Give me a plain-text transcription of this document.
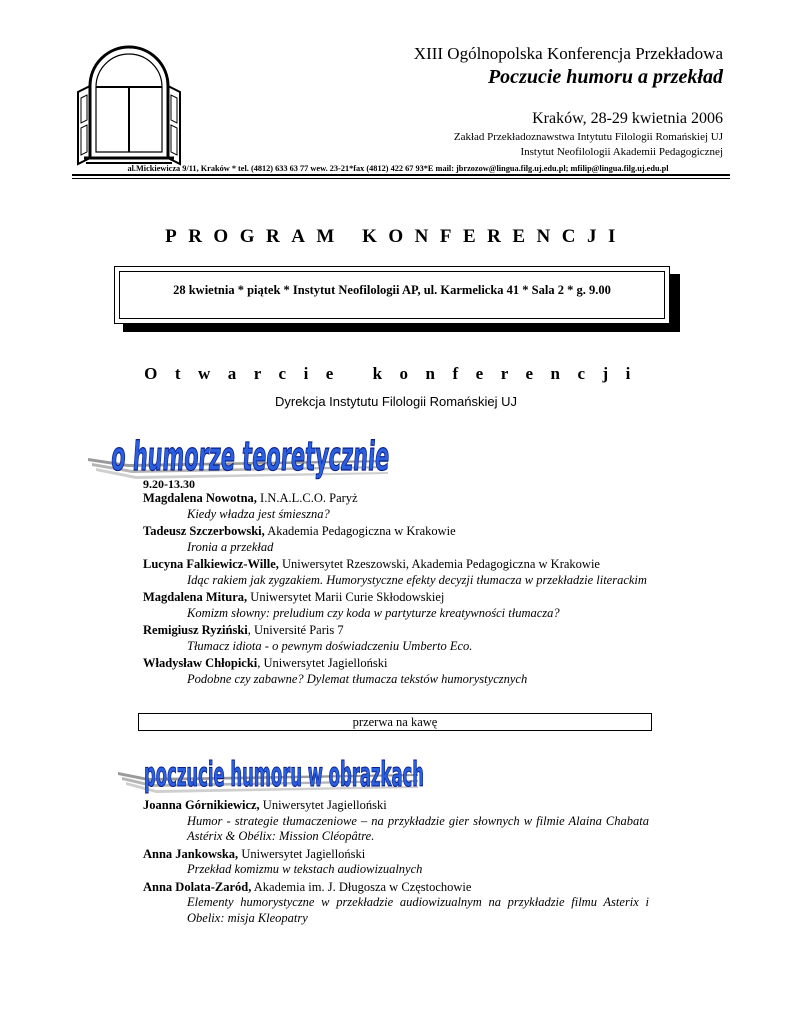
XIII Ogólnopolska Konferencja Przekładowa
Poczucie humoru a przekład
Kraków, 28-29 kwietnia 2006
Zakład Przekładoznawstwa Intytutu Filologii Romańskiej UJ
Instytut Neofilologii Akademii Pedagogicznej
al.Mickiewicza 9/11, Kraków * tel. (4812) 633 63 77 wew. 23-21*fax (4812) 422 67 93*E mail: jbrzozow@lingua.filg.uj.edu.pl; mfilip@lingua.filg.uj.edu.pl
PROGRAM KONFERENCJI
28 kwietnia * piątek * Instytut Neofilologii AP, ul. Karmelicka 41 * Sala 2 * g. 9.00
Otwarcie konferencji
Dyrekcja Instytutu Filologii Romańskiej UJ
o humorze teoretycznie
9.20-13.30
Magdalena Nowotna, I.N.A.L.C.O. Paryż
Kiedy władza jest śmieszna?
Tadeusz Szczerbowski, Akademia Pedagogiczna w Krakowie
Ironia a przekład
Lucyna Falkiewicz-Wille, Uniwersytet Rzeszowski, Akademia Pedagogiczna w Krakowie
Idąc rakiem jak zygzakiem. Humorystyczne efekty decyzji tłumacza w przekładzie literackim
Magdalena Mitura, Uniwersytet Marii Curie Skłodowskiej
Komizm słowny: preludium czy koda w partyturze kreatywności tłumacza?
Remigiusz Ryziński, Université Paris 7
Tłumacz idiota - o pewnym doświadczeniu Umberto Eco.
Władysław Chłopicki, Uniwersytet Jagielloński
Podobne czy zabawne? Dylemat tłumacza tekstów humorystycznych
przerwa na kawę
poczucie humoru w obrazkach
Joanna Górnikiewicz, Uniwersytet Jagielloński
Humor - strategie tłumaczeniowe – na przykładzie gier słownych w filmie Alaina Chabata Astérix & Obélix: Mission Cléopâtre.
Anna Jankowska, Uniwersytet Jagielloński
Przekład komizmu w tekstach audiowizualnych
Anna Dolata-Zaród, Akademia im. J. Długosza w Częstochowie
Elementy humorystyczne w przekładzie audiowizualnym na przykładzie filmu Asterix i Obelix: misja Kleopatry
